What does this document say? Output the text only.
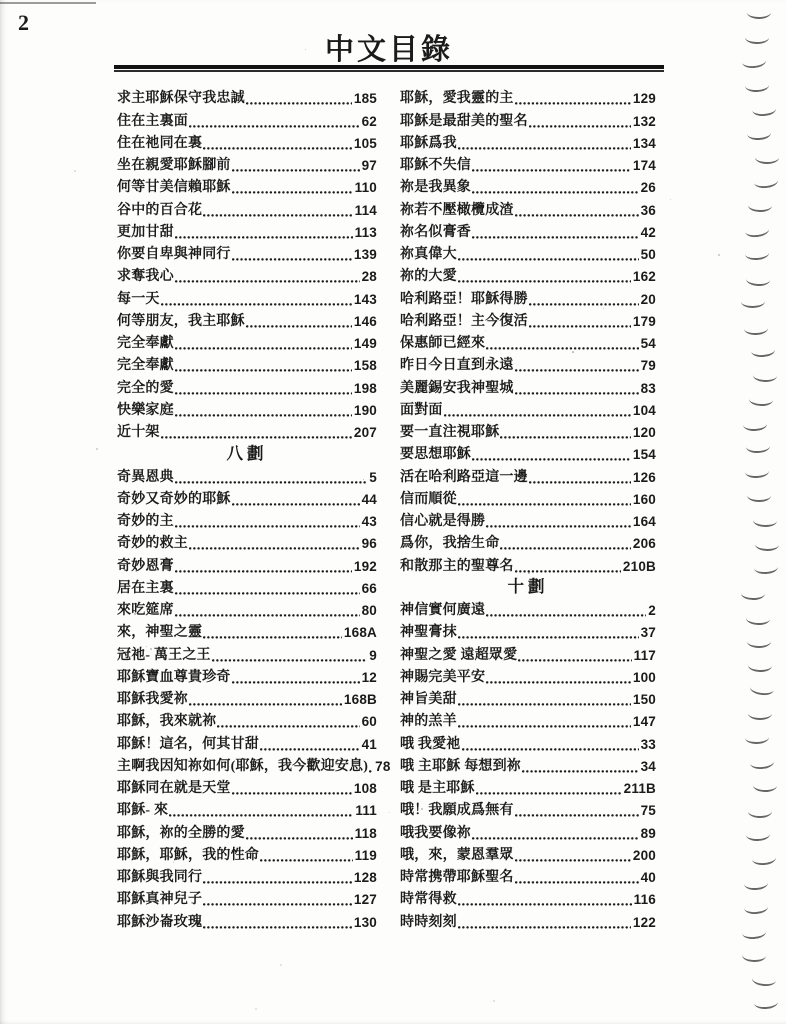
2
中文目錄
求主耶穌保守我忠誠	185
住在主裏面	62
住在祂同在裏	105
坐在親愛耶穌腳前	97
何等甘美信賴耶穌	110
谷中的百合花	114
更加甘甜	113
你要自卑與神同行	139
求奪我心	28
每一天	143
何等朋友，我主耶穌	146
完全奉獻	149
完全奉獻	158
完全的愛	198
快樂家庭	190
近十架	207
八劃
奇異恩典	5
奇妙又奇妙的耶穌	44
奇妙的主	43
奇妙的救主	96
奇妙恩膏	192
居在主裏	66
來吃筵席	80
來，神聖之靈	168A
冠祂- 萬王之王	9
耶穌寶血尊貴珍奇	12
耶穌我愛祢	168B
耶穌，我來就祢	60
耶穌！這名，何其甘甜	41
主啊我因知祢如何(耶穌，我今歡迎安息) 78
耶穌同在就是天堂	108
耶穌- 來	111
耶穌，祢的全勝的愛	118
耶穌，耶穌，我的性命	119
耶穌與我同行	128
耶穌真神兒子	127
耶穌沙崙玫瑰	130
耶穌，愛我靈的主	129
耶穌是最甜美的聖名	132
耶穌爲我	134
耶穌不失信	174
祢是我異象	26
祢若不壓橄欖成渣	36
祢名似膏香	42
祢真偉大	50
祢的大愛	162
哈利路亞！耶穌得勝	20
哈利路亞！主今復活	179
保惠師已經來	54
昨日今日直到永遠	79
美麗錫安我神聖城	83
面對面	104
要一直注視耶穌	120
要思想耶穌	154
活在哈利路亞這一邊	126
信而順從	160
信心就是得勝	164
爲你，我捨生命	206
和散那主的聖尊名	210B
十劃
神信實何廣遠	2
神聖膏抹	37
神聖之愛 遠超眾愛	117
神賜完美平安	100
神旨美甜	150
神的羔羊	147
哦 我愛祂	33
哦 主耶穌 每想到祢	34
哦 是主耶穌	211B
哦！我願成爲無有	75
哦我要像祢	89
哦，來，蒙恩羣眾	200
時常携帶耶穌聖名	40
時常得救	116
時時刻刻	122
